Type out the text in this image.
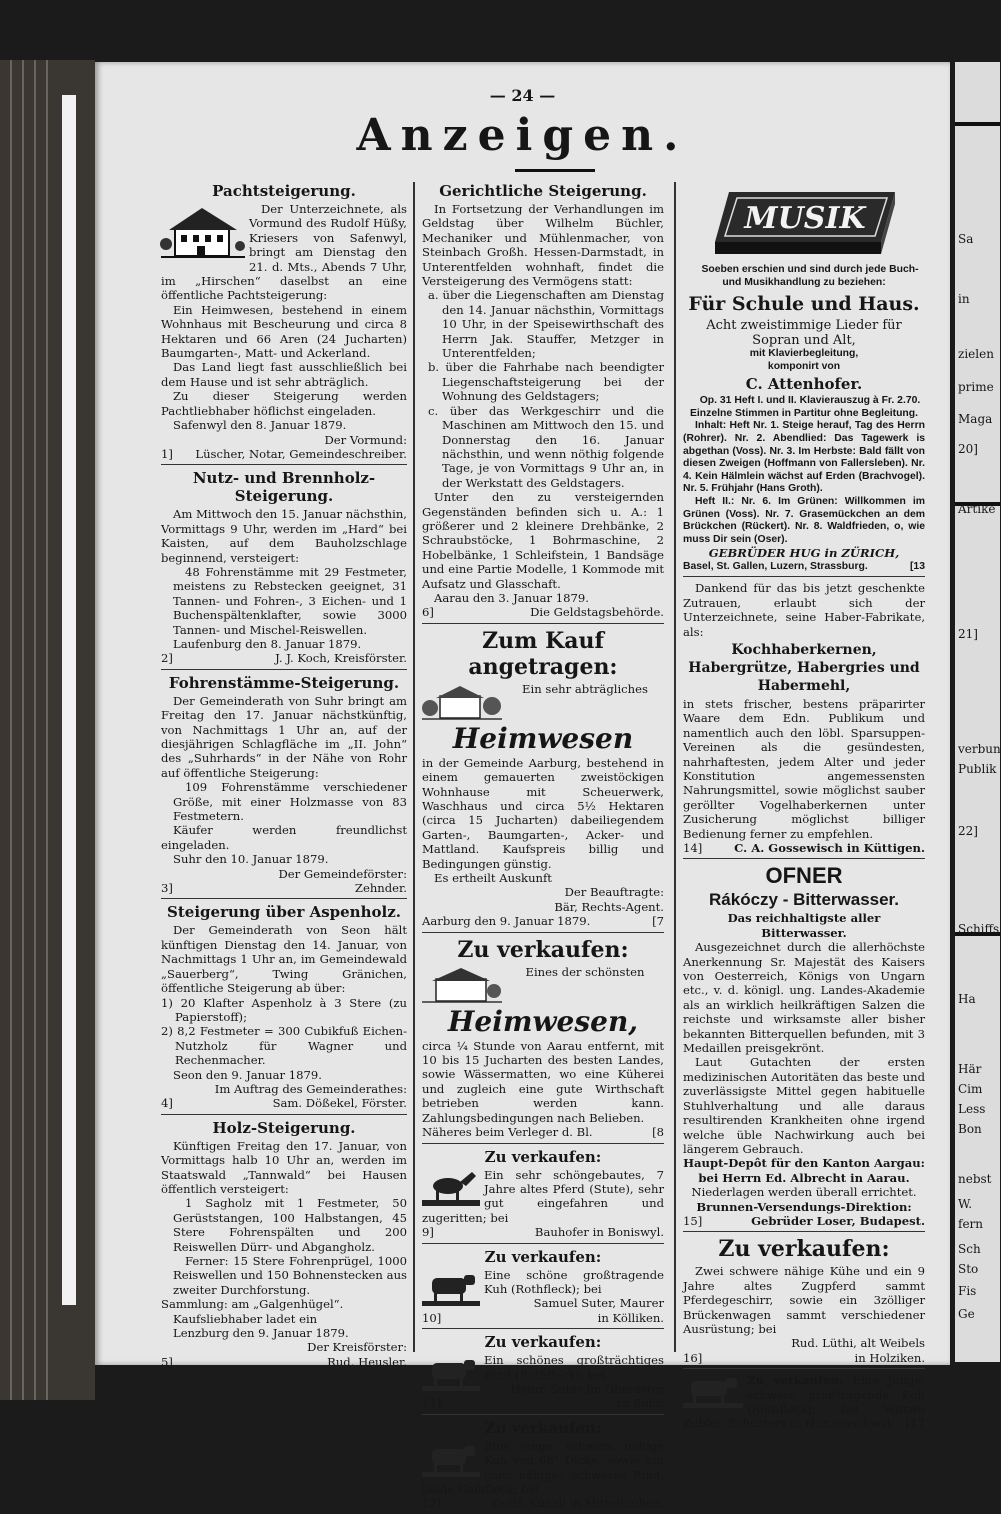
Sa
in
zielen
prime
Maga
20]
Artike
21]
verbun
Publik
22]
Schiffs
Ha
Här
Cim
Less
Bon
nebst
W.
fern
Sch
Sto
Fis
Ge
— 24 —
Anzeigen.
Pachtsteigerung.

Der Unterzeichnete, als Vormund des Rudolf Hüßy, Kriesers von Safenwyl, bringt am Dienstag den 21. d. Mts., Abends 7 Uhr, im „Hirschen“ daselbst an eine öffentliche Pachtsteigerung:

Ein Heimwesen, bestehend in einem Wohnhaus mit Bescheurung und circa 8 Hektaren und 66 Aren (24 Jucharten) Baumgarten-, Matt- und Ackerland.

Das Land liegt fast ausschließlich bei dem Hause und ist sehr abträglich.

Zu dieser Steigerung werden Pachtliebhaber höflichst eingeladen.

Safenwyl den 8. Januar 1879.

Der Vormund:
1] Lüscher, Notar, Gemeindeschreiber.
Nutz- und Brennholz-Steigerung.

Am Mittwoch den 15. Januar nächsthin, Vormittags 9 Uhr, werden im „Hard“ bei Kaisten, auf dem Bauholzschlage beginnend, versteigert:

48 Fohrenstämme mit 29 Festmeter, meistens zu Rebstecken geeignet, 31 Tannen- und Fohren-, 3 Eichen- und 1 Buchenspältenklafter, sowie 3000 Tannen- und Mischel-Reiswellen.

Laufenburg den 8. Januar 1879.

2]	J. J. Koch, Kreisförster.
Fohrenstämme-Steigerung.

Der Gemeinderath von Suhr bringt am Freitag den 17. Januar nächstkünftig, von Nachmittags 1 Uhr an, auf der diesjährigen Schlagfläche im „II. John“ des „Suhrhards“ in der Nähe von Rohr auf öffentliche Steigerung:

109 Fohrenstämme verschiedener Größe, mit einer Holzmasse von 83 Festmetern.

Käufer werden freundlichst eingeladen.

Suhr den 10. Januar 1879.

Der Gemeindeförster:
3]	Zehnder.
Steigerung über Aspenholz.

Der Gemeinderath von Seon hält künftigen Dienstag den 14. Januar, von Nachmittags 1 Uhr an, im Gemeindewald „Sauerberg“, Twing Gränichen, öffentliche Steigerung ab über:

1) 20 Klafter Aspenholz à 3 Stere (zu Papierstoff);
2) 8,2 Festmeter = 300 Cubikfuß Eichen-Nutzholz für Wagner und Rechenmacher.

Seon den 9. Januar 1879.

Im Auftrag des Gemeinderathes:
4]	Sam. Dößekel, Förster.
Holz-Steigerung.

Künftigen Freitag den 17. Januar, von Vormittags halb 10 Uhr an, werden im Staatswald „Tannwald“ bei Hausen öffentlich versteigert:

1 Sagholz mit 1 Festmeter, 50 Gerüststangen, 100 Halbstangen, 45 Stere Fohrenspälten und 200 Reiswellen Dürr- und Abgangholz.

Ferner: 15 Stere Fohrenprügel, 1000 Reiswellen und 150 Bohnenstecken aus zweiter Durchforstung.

Sammlung: am „Galgenhügel“.

Kaufsliebhaber ladet ein

Lenzburg den 9. Januar 1879.

Der Kreisförster:
5]	Rud. Heusler.
Gerichtliche Steigerung.

In Fortsetzung der Verhandlungen im Geldstag über Wilhelm Büchler, Mechaniker und Mühlenmacher, von Steinbach Großh. Hessen-Darmstadt, in Unterentfelden wohnhaft, findet die Versteigerung des Vermögens statt:

a. über die Liegenschaften am Dienstag den 14. Januar nächsthin, Vormittags 10 Uhr, in der Speisewirthschaft des Herrn Jak. Stauffer, Metzger in Unterentfelden;
b. über die Fahrhabe nach beendigter Liegenschaftsteigerung bei der Wohnung des Geldstagers;
c. über das Werkgeschirr und die Maschinen am Mittwoch den 15. und Donnerstag den 16. Januar nächsthin, und wenn nöthig folgende Tage, je von Vormittags 9 Uhr an, in der Werkstatt des Geldstagers.

Unter den zu versteigernden Gegenständen befinden sich u. A.: 1 größerer und 2 kleinere Drehbänke, 2 Schraubstöcke, 1 Bohrmaschine, 2 Hobelbänke, 1 Schleifstein, 1 Bandsäge und eine Partie Modelle, 1 Kommode mit Aufsatz und Glasschaft.

Aarau den 3. Januar 1879.

6]	Die Geldstagsbehörde.
Zum Kauf angetragen:
Ein sehr abträgliches
Heimwesen

in der Gemeinde Aarburg, bestehend in einem gemauerten zweistöckigen Wohnhause mit Scheuerwerk, Waschhaus und circa 5½ Hektaren (circa 15 Jucharten) dabeiliegendem Garten-, Baumgarten-, Acker- und Mattland. Kaufspreis billig und Bedingungen günstig.

Es ertheilt Auskunft

Der Beauftragte:
Bär, Rechts-Agent.
Aarburg den 9. Januar 1879.	[7
Zu verkaufen:
Eines der schönsten
Heimwesen,

circa ¼ Stunde von Aarau entfernt, mit 10 bis 15 Jucharten des besten Landes, sowie Wässermatten, wo eine Küherei und zugleich eine gute Wirthschaft betrieben werden kann. Zahlungsbedingungen nach Belieben.

Näheres beim Verleger d. Bl.	[8
Zu verkaufen:

Ein sehr schöngebautes, 7 Jahre altes Pferd (Stute), sehr gut eingefahren und zugeritten; bei

9]	Bauhofer in Boniswyl.
Zu verkaufen:

Eine schöne großtragende Kuh (Rothfleck); bei

Samuel Suter, Maurer
10]	in Kölliken.
Zu verkaufen:

Ein schönes großträchtiges Rind (Rothfleck); bei

Heinr. Suter im Oberester
11]	zu Suhr.
Zu verkaufen:

Eine junge, schwere nähige Kuh von 68" Dicke, sowie ein ganz nähiges schweres Rind, beide Gelbfleck; bei

12]	Gottl. Künzli in Mittelmuhen.
MUSIK

Soeben erschien und sind durch jede Buch- und Musikhandlung zu beziehen:

Für Schule und Haus.
Acht zweistimmige Lieder für Sopran und Alt,
mit Klavierbegleitung,
komponirt von
C. Attenhofer.

Op. 31 Heft I. und II. Klavierauszug à Fr. 2.70. Einzelne Stimmen in Partitur ohne Begleitung.

Inhalt: Heft Nr. 1. Steige herauf, Tag des Herrn (Rohrer). Nr. 2. Abendlied: Das Tagewerk is abgethan (Voss). Nr. 3. Im Herbste: Bald fällt von diesen Zweigen (Hoffmann von Fallersleben). Nr. 4. Kein Hälmlein wächst auf Erden (Brachvogel). Nr. 5. Frühjahr (Hans Groth).

Heft II.: Nr. 6. Im Grünen: Willkommen im Grünen (Voss). Nr. 7. Grasemückchen an dem Brückchen (Rückert). Nr. 8. Waldfrieden, o, wie muss Dir sein (Oser).

GEBRÜDER HUG in ZÜRICH,
Basel, St. Gallen, Luzern, Strassburg.	[13

Dankend für das bis jetzt geschenkte Zutrauen, erlaubt sich der Unterzeichnete, seine Haber-Fabrikate, als:

Kochhaberkernen, Habergrütze, Habergries und Habermehl,

in stets frischer, bestens präparirter Waare dem Edn. Publikum und namentlich auch den löbl. Sparsuppen-Vereinen als die gesündesten, nahrhaftesten, jedem Alter und jeder Konstitution angemessensten Nahrungsmittel, sowie möglichst sauber geröllter Vogelhaberkernen unter Zusicherung möglichst billiger Bedienung ferner zu empfehlen.

14]	C. A. Gossewisch in Küttigen.
OFNER
Rákóczy - Bitterwasser.
Das reichhaltigste aller Bitterwasser.

Ausgezeichnet durch die allerhöchste Anerkennung Sr. Majestät des Kaisers von Oesterreich, Königs von Ungarn etc., v. d. königl. ung. Landes-Akademie als an wirklich heilkräftigen Salzen die reichste und wirksamste aller bisher bekannten Bitterquellen befunden, mit 3 Medaillen preisgekrönt.

Laut Gutachten der ersten medizinischen Autoritäten das beste und zuverlässigste Mittel gegen habituelle Stuhlverhaltung und alle daraus resultirenden Krankheiten ohne irgend welche üble Nachwirkung auch bei längerem Gebrauch.

Haupt-Depôt für den Kanton Aargau: bei Herrn Ed. Albrecht in Aarau.
Niederlagen werden überall errichtet.
Brunnen-Versendungs-Direktion:
15]	Gebrüder Loser, Budapest.
Zu verkaufen:

Zwei schwere nähige Kühe und ein 9 Jahre altes Zugpferd sammt Pferdegeschirr, sowie ein 3zölliger Brückenwagen sammt verschiedener Ausrüstung; bei

Rud. Lüthi, alt Weibels
16]	in Holziken.
Zu verkaufen: Eine junge, schwere großtragende Kuh (Rothfleck); bei Wittwe Zubler, Schusters in Hunzenschwyl. [17
